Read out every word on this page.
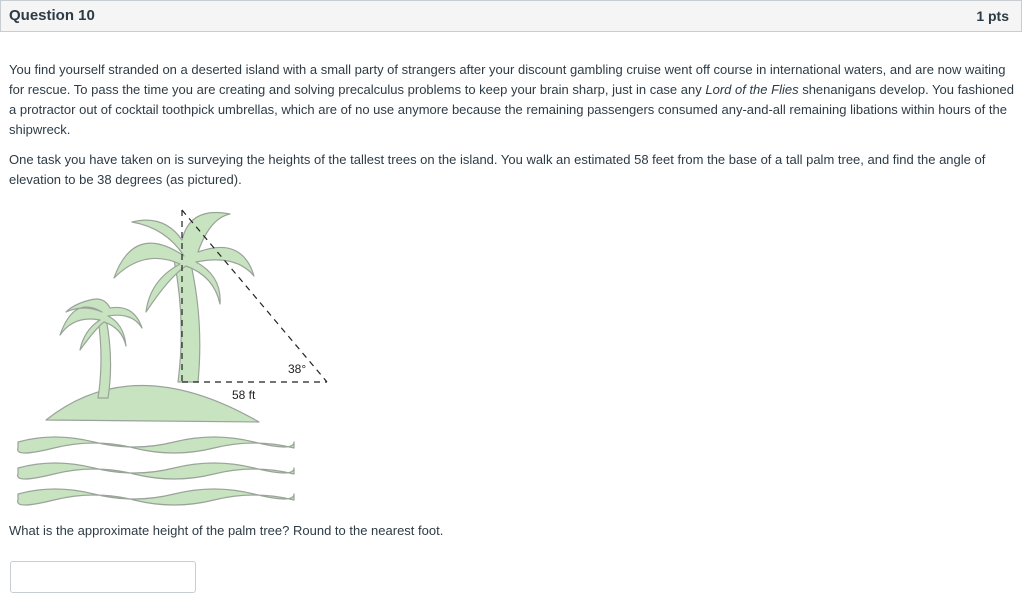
Question 10	1 pts

You find yourself stranded on a deserted island with a small party of strangers after your discount gambling cruise went off course in international waters, and are now waiting for rescue. To pass the time you are creating and solving precalculus problems to keep your brain sharp, just in case any Lord of the Flies shenanigans develop. You fashioned a protractor out of cocktail toothpick umbrellas, which are of no use anymore because the remaining passengers consumed any-and-all remaining libations within hours of the shipwreck.

One task you have taken on is surveying the heights of the tallest trees on the island. You walk an estimated 58 feet from the base of a tall palm tree, and find the angle of elevation to be 38 degrees (as pictured).

38°
58 ft
What is the approximate height of the palm tree? Round to the nearest foot.
